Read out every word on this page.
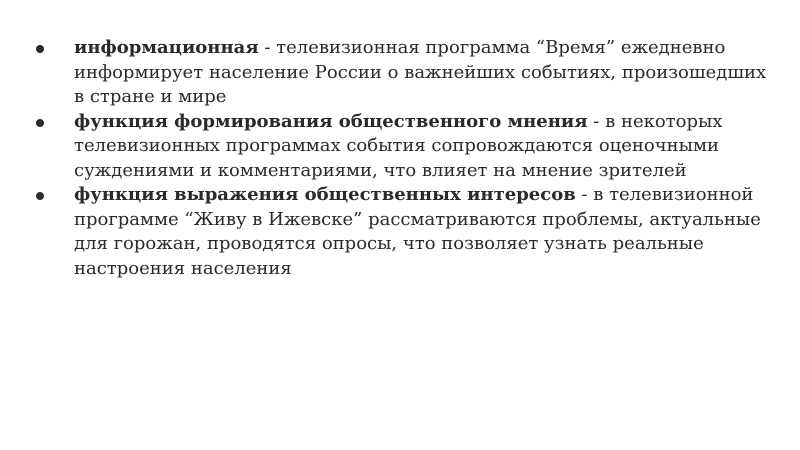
информационная - телевизионная программа “Время” ежедневно информирует население России о важнейших событиях, произошедших в стране и мире
функция формирования общественного мнения - в некоторых телевизионных программах события сопровождаются оценочными суждениями и комментариями, что влияет на мнение зрителей
функция выражения общественных интересов - в телевизионной программе “Живу в Ижевске” рассматриваются проблемы, актуальные для горожан, проводятся опросы, что позволяет узнать реальные настроения населения
